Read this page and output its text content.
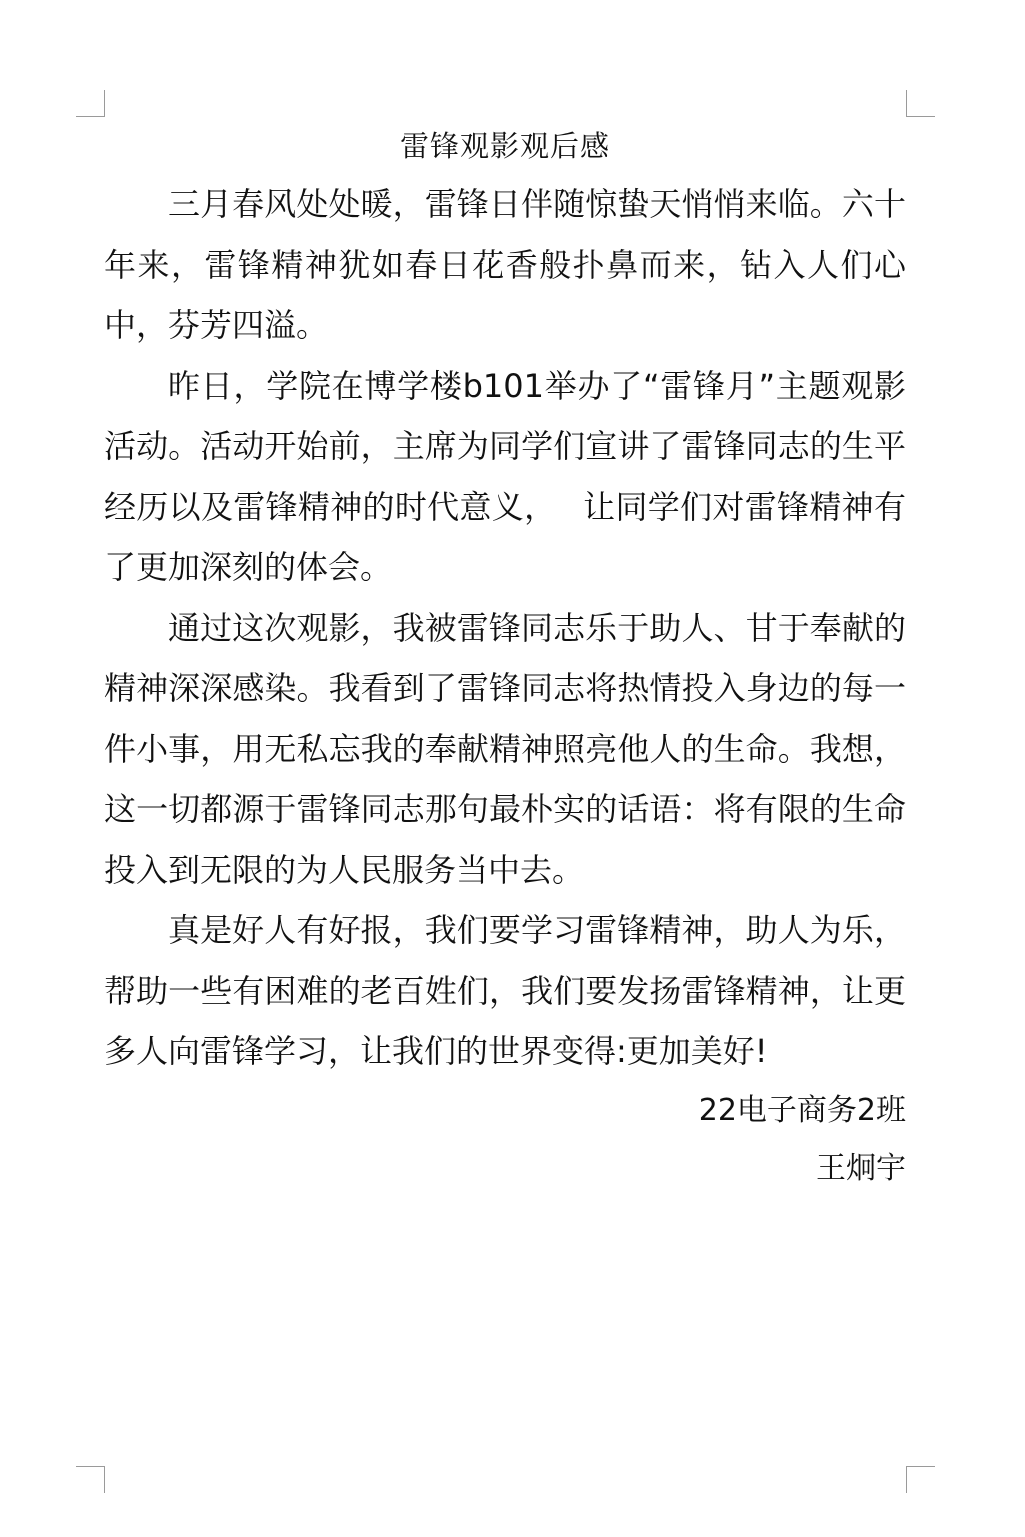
雷锋观影观后感

三月春风处处暖，雷锋日伴随惊蛰天悄悄来临。六十年来，雷锋精神犹如春日花香般扑鼻而来，钻入人们心中，芬芳四溢。

昨日，学院在博学楼b101举办了“雷锋月”主题观影活动。活动开始前，主席为同学们宣讲了雷锋同志的生平经历以及雷锋精神的时代意义，　 让同学们对雷锋精神有了更加深刻的体会。

通过这次观影，我被雷锋同志乐于助人、甘于奉献的精神深深感染。我看到了雷锋同志将热情投入身边的每一件小事，用无私忘我的奉献精神照亮他人的生命。我想，这一切都源于雷锋同志那句最朴实的话语：将有限的生命投入到无限的为人民服务当中去。

真是好人有好报，我们要学习雷锋精神，助人为乐，帮助一些有困难的老百姓们，我们要发扬雷锋精神，让更多人向雷锋学习，让我们的世界变得:更加美好!

22电子商务2班

王炯宇
